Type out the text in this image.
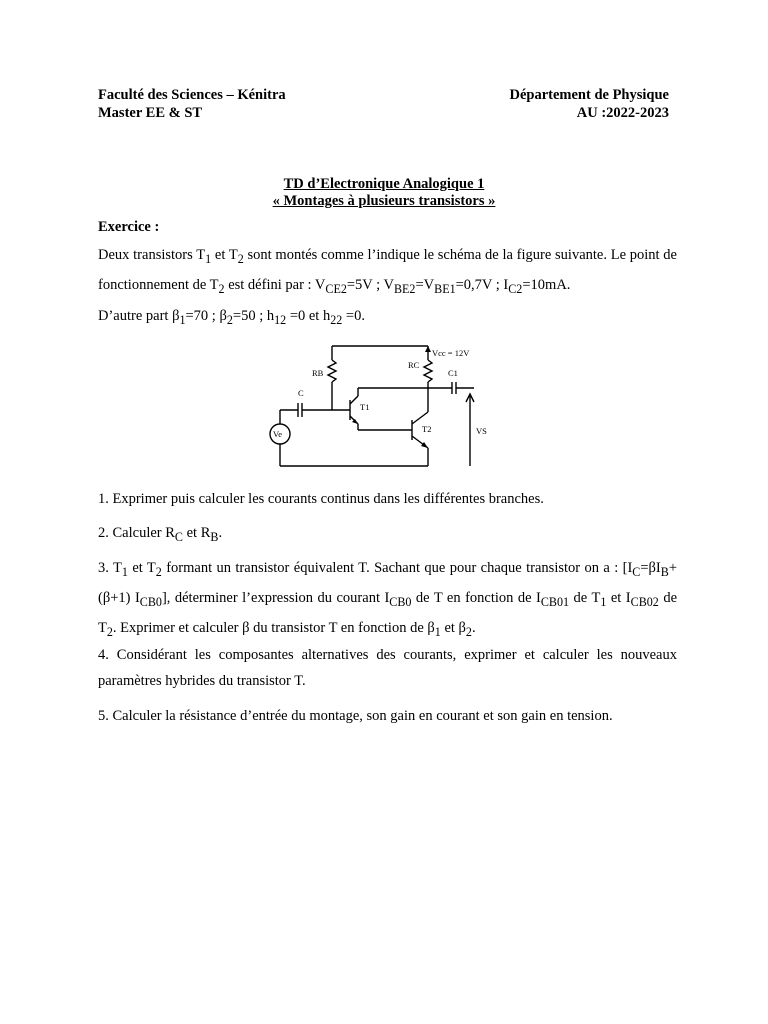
Faculté des Sciences – Kénitra
Master EE & ST
Département de Physique
AU :2022-2023
TD d’Electronique Analogique 1
« Montages à plusieurs transistors »
Exercice :
Deux transistors $T_1$ et $T_2$ sont montés comme l’indique le schéma de la figure suivante. Le point de fonctionnement de $T_2$ est défini par : $V_{CE2}=5V$ ; $V_{BE2}=V_{BE1}=0,7V$ ; $I_{C2}=10mA$.
D’autre part $\beta_1=70$ ; $\beta_2=50$ ; $h_{12} =0$ et $h_{22} =0$.
Vcc = 12V
RB
RC
C1
C
T1
T2
Ve	VS
1. Exprimer puis calculer les courants continus dans les différentes branches.
2. Calculer $R_C$ et $R_B$.
3. $T_1$ et $T_2$ formant un transistor équivalent T. Sachant que pour chaque transistor on a : [$I_C=\beta I_B+(\beta+1)$ $I_{CB0}$], déterminer l’expression du courant $I_{CB0}$ de T en fonction de $I_{CB01}$ de $T_1$ et $I_{CB02}$ de $T_2$. Exprimer et calculer β du transistor T en fonction de $\beta_1$ et $\beta_2$.
4. Considérant les composantes alternatives des courants, exprimer et calculer les nouveaux paramètres hybrides du transistor T.
5. Calculer la résistance d’entrée du montage, son gain en courant et son gain en tension.
